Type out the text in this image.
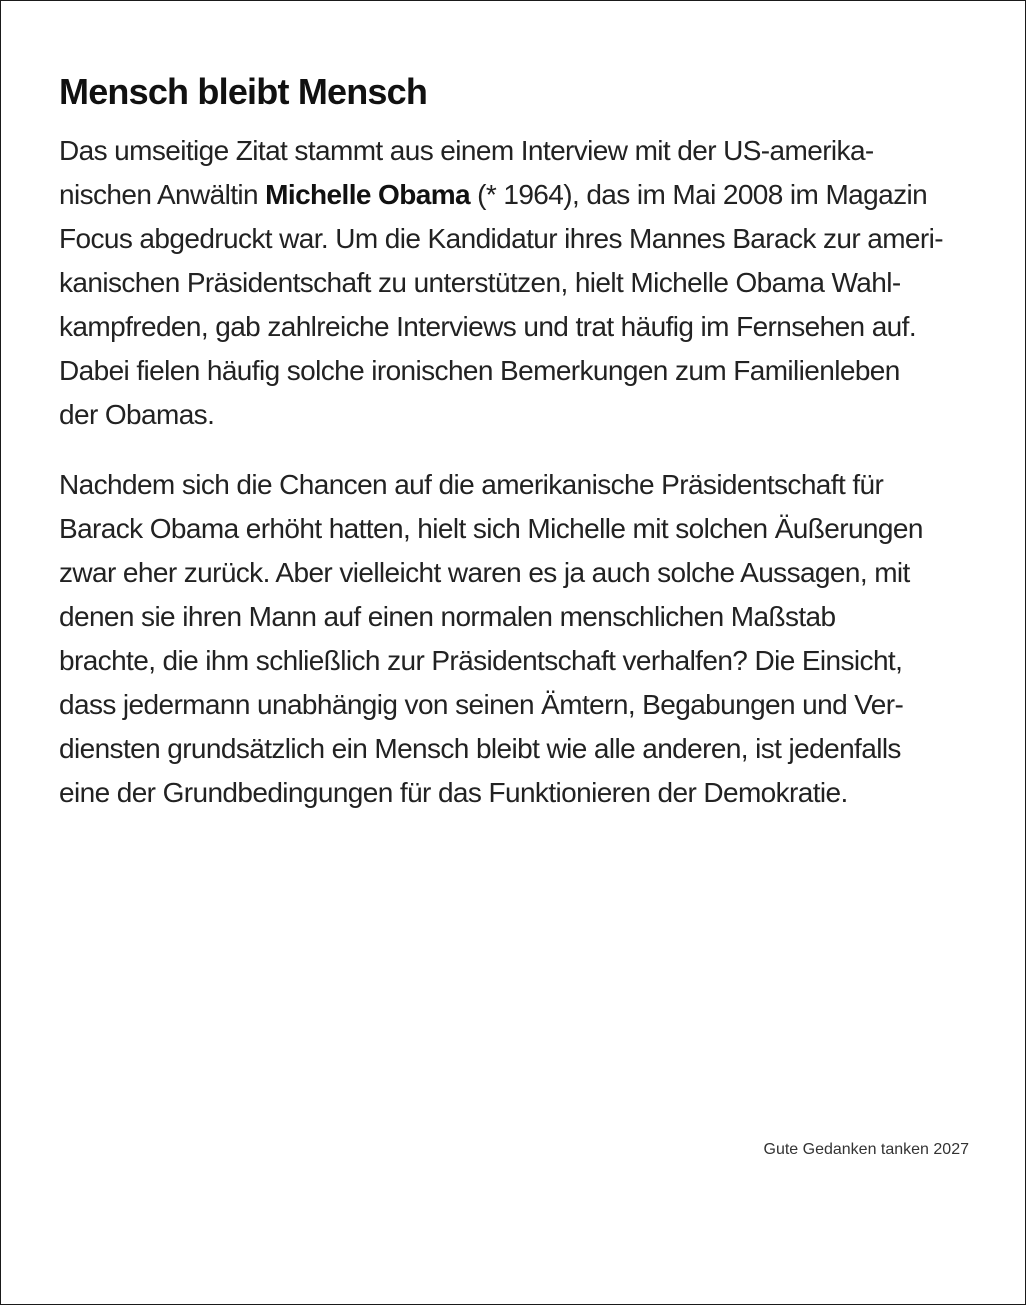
Mensch bleibt Mensch

Das umseitige Zitat stammt aus einem Interview mit der US-amerika-
nischen Anwältin Michelle Obama (* 1964), das im Mai 2008 im Magazin
Focus abgedruckt war. Um die Kandidatur ihres Mannes Barack zur ameri-
kanischen Präsidentschaft zu unterstützen, hielt Michelle Obama Wahl-
kampfreden, gab zahlreiche Interviews und trat häufig im Fernsehen auf.
Dabei fielen häufig solche ironischen Bemerkungen zum Familienleben
der Obamas.

Nachdem sich die Chancen auf die amerikanische Präsidentschaft für
Barack Obama erhöht hatten, hielt sich Michelle mit solchen Äußerungen
zwar eher zurück. Aber vielleicht waren es ja auch solche Aussagen, mit
denen sie ihren Mann auf einen normalen menschlichen Maßstab
brachte, die ihm schließlich zur Präsidentschaft verhalfen? Die Einsicht,
dass jedermann unabhängig von seinen Ämtern, Begabungen und Ver-
diensten grundsätzlich ein Mensch bleibt wie alle anderen, ist jedenfalls
eine der Grundbedingungen für das Funktionieren der Demokratie.

Gute Gedanken tanken 2027
